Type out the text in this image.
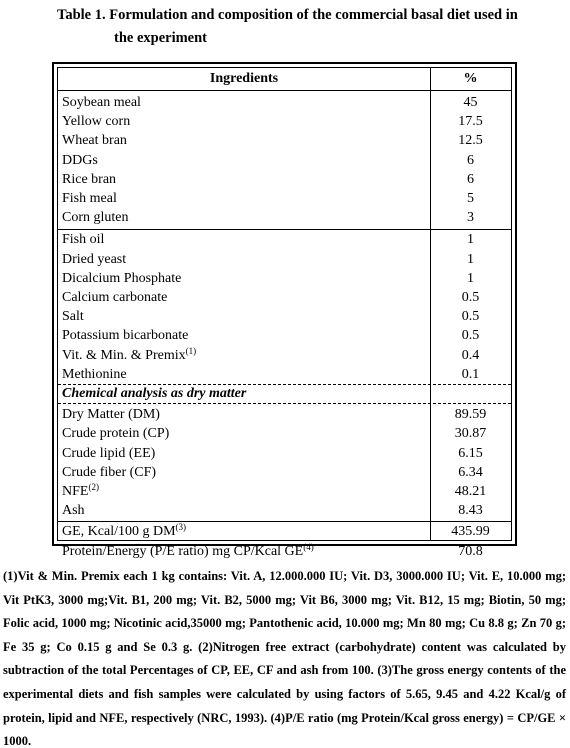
Table 1. Formulation and composition of the commercial basal diet used in
the experiment
Ingredients	%
Soybean meal	45
Yellow corn	17.5
Wheat bran	12.5
DDGs	6
Rice bran	6
Fish meal	5
Corn gluten	3
Fish oil	1
Dried yeast	1
Dicalcium Phosphate	1
Calcium carbonate	0.5
Salt	0.5
Potassium bicarbonate	0.5
Vit. & Min. & Premix$^{(1)}$	0.4
Methionine	0.1
Chemical analysis as dry matter
Dry Matter (DM)	89.59
Crude protein (CP)	30.87
Crude lipid (EE)	6.15
Crude fiber (CF)	6.34
NFE$^{(2)}$	48.21
Ash	8.43
GE, Kcal/100 g DM$^{(3)}$	435.99
Protein/Energy (P/E ratio) mg CP/Kcal GE$^{(4)}$	70.8
(1)Vit & Min. Premix each 1 kg contains: Vit. A, 12.000.000 IU; Vit. D3, 3000.000 IU; Vit. E, 10.000 mg; Vit PtK3, 3000 mg;Vit. B1, 200 mg; Vit. B2, 5000 mg; Vit B6, 3000 mg; Vit. B12, 15 mg; Biotin, 50 mg; Folic acid, 1000 mg; Nicotinic acid,35000 mg; Pantothenic acid, 10.000 mg; Mn 80 mg; Cu 8.8 g; Zn 70 g; Fe 35 g; Co 0.15 g and Se 0.3 g. (2)Nitrogen free extract (carbohydrate) content was calculated by subtraction of the total Percentages of CP, EE, CF and ash from 100. (3)The gross energy contents of the experimental diets and fish samples were calculated by using factors of 5.65, 9.45 and 4.22 Kcal/g of protein, lipid and NFE, respectively (NRC, 1993). (4)P/E ratio (mg Protein/Kcal gross energy) = CP/GE × 1000.
